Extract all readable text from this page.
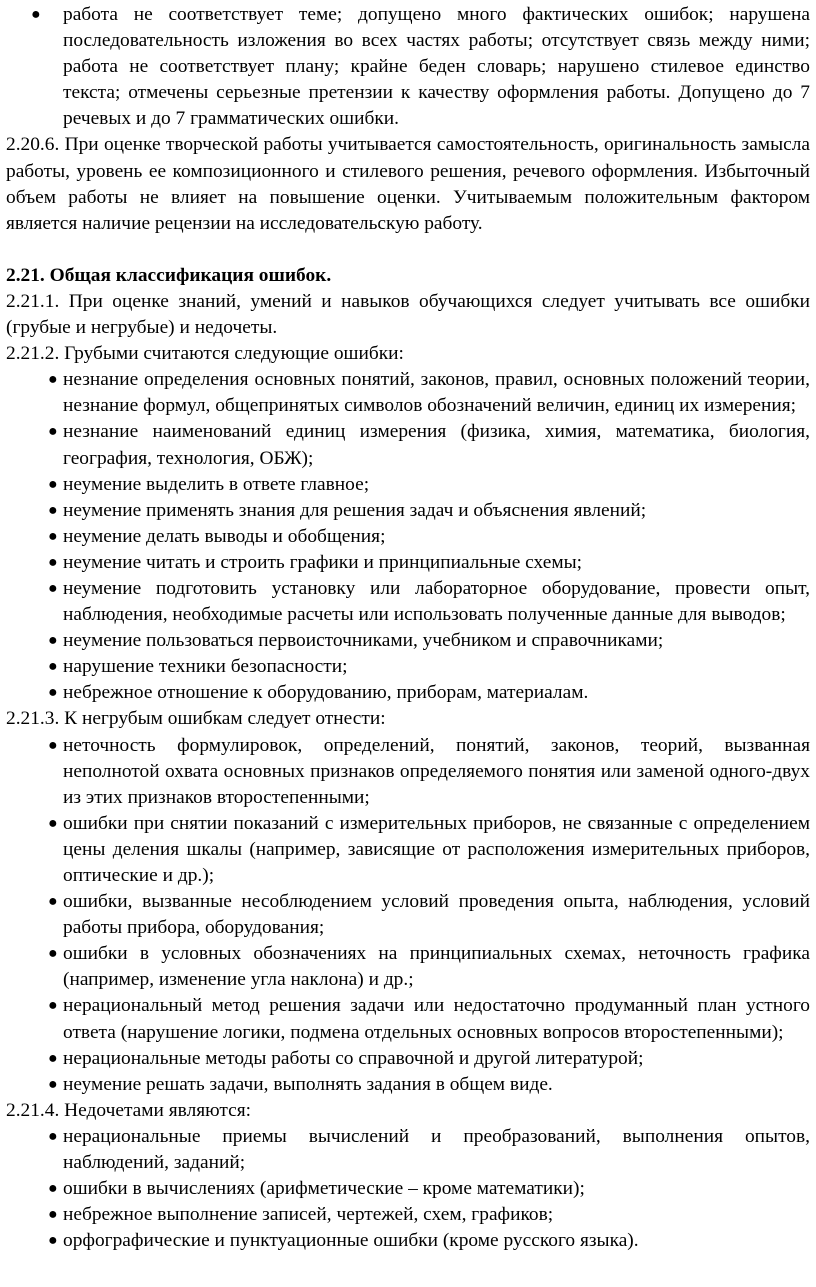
● работа не соответствует теме; допущено много фактических ошибок; нарушена последовательность изложения во всех частях работы; отсутствует связь между ними; работа не соответствует плану; крайне беден словарь; нарушено стилевое единство текста; отмечены серьезные претензии к качеству оформления работы. Допущено до 7 речевых и до 7 грамматических ошибки.

2.20.6. При оценке творческой работы учитывается самостоятельность, оригинальность замысла работы, уровень ее композиционного и стилевого решения, речевого оформления. Избыточный объем работы не влияет на повышение оценки. Учитываемым положительным фактором является наличие рецензии на исследовательскую работу.

2.21. Общая классификация ошибок.

2.21.1. При оценке знаний, умений и навыков обучающихся следует учитывать все ошибки (грубые и негрубые) и недочеты.

2.21.2. Грубыми считаются следующие ошибки:

● незнание определения основных понятий, законов, правил, основных положений теории, незнание формул, общепринятых символов обозначений величин, единиц их измерения;
● незнание наименований единиц измерения (физика, химия, математика, биология, география, технология, ОБЖ);
● неумение выделить в ответе главное;
● неумение применять знания для решения задач и объяснения явлений;
● неумение делать выводы и обобщения;
● неумение читать и строить графики и принципиальные схемы;
● неумение подготовить установку или лабораторное оборудование, провести опыт, наблюдения, необходимые расчеты или использовать полученные данные для выводов;
● неумение пользоваться первоисточниками, учебником и справочниками;
● нарушение техники безопасности;
● небрежное отношение к оборудованию, приборам, материалам.

2.21.3. К негрубым ошибкам следует отнести:

● неточность формулировок, определений, понятий, законов, теорий, вызванная неполнотой охвата основных признаков определяемого понятия или заменой одного-двух из этих признаков второстепенными;
● ошибки при снятии показаний с измерительных приборов, не связанные с определением цены деления шкалы (например, зависящие от расположения измерительных приборов, оптические и др.);
● ошибки, вызванные несоблюдением условий проведения опыта, наблюдения, условий работы прибора, оборудования;
● ошибки в условных обозначениях на принципиальных схемах, неточность графика (например, изменение угла наклона) и др.;
● нерациональный метод решения задачи или недостаточно продуманный план устного ответа (нарушение логики, подмена отдельных основных вопросов второстепенными);
● нерациональные методы работы со справочной и другой литературой;
● неумение решать задачи, выполнять задания в общем виде.

2.21.4. Недочетами являются:

● нерациональные приемы вычислений и преобразований, выполнения опытов, наблюдений, заданий;
● ошибки в вычислениях (арифметические – кроме математики);
● небрежное выполнение записей, чертежей, схем, графиков;
● орфографические и пунктуационные ошибки (кроме русского языка).
